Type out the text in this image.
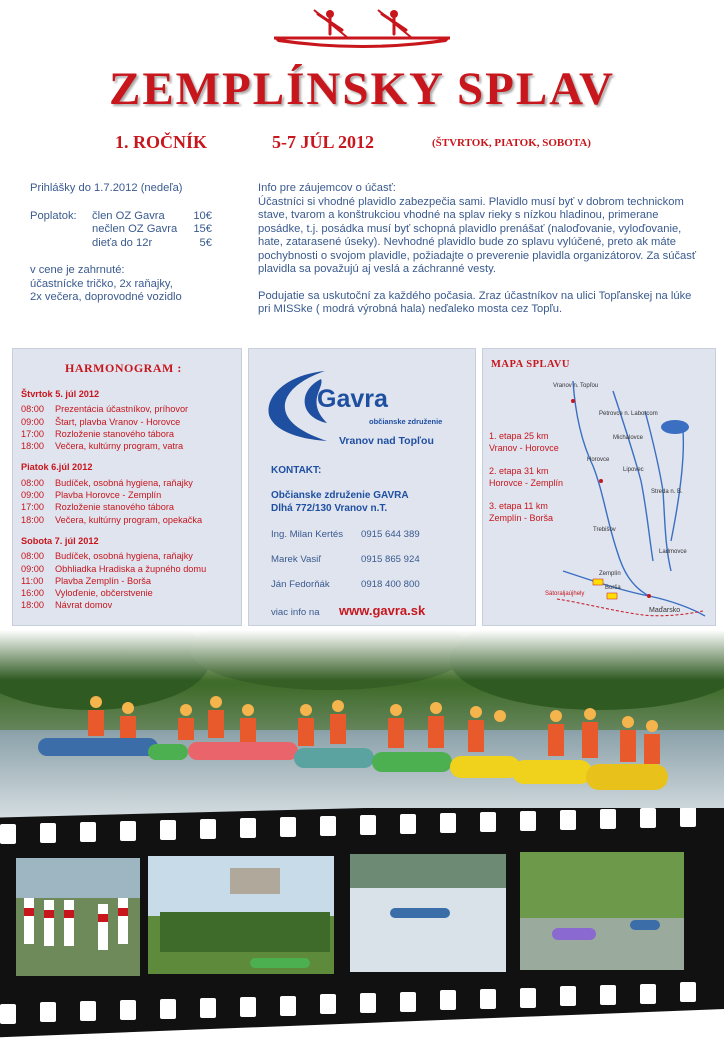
ZEMPLÍNSKY SPLAV
1. ROČNÍK	5-7 JÚL 2012	(ŠTVRTOK, PIATOK, SOBOTA)
Prihlášky do 1.7.2012 (nedeľa)
Poplatok:	člen OZ Gavra	10€
nečlen OZ Gavra	15€
dieťa do 12r	5€
v cene je zahrnuté:
účastnícke tričko, 2x raňajky,
2x večera, doprovodné vozidlo
Info pre záujemcov o účasť:
Účastníci si vhodné plavidlo zabezpečia sami. Plavidlo musí byť v dobrom technickom stave, tvarom a konštrukciou vhodné na splav rieky s nízkou hladinou, primerane posádke, t.j. posádka musí byť schopná plavidlo prenášať (naloďovanie, vyloďovanie, hate, zatarasené úseky). Nevhodné plavidlo bude zo splavu vylúčené, preto ak máte pochybnosti o svojom plavidle, požiadajte o preverenie plavidla organizátorov. Za súčasť plavidla sa považujú aj veslá a záchranné vesty.
Podujatie sa uskutoční za každého počasia. Zraz účastníkov na ulici Topľanskej na lúke pri MISSke ( modrá výrobná hala) neďaleko mosta cez Topľu.
HARMONOGRAM :
Štvrtok 5. júl 2012
08:00	Prezentácia účastníkov, príhovor
09:00	Štart, plavba Vranov - Horovce
17:00	Rozloženie stanového tábora
18:00	Večera, kultúrny program, vatra
Piatok 6.júl 2012
08:00	Budíček, osobná hygiena, raňajky
09:00	Plavba Horovce - Zemplín
17:00	Rozloženie stanového tábora
18:00	Večera, kultúrny program, opekačka
Sobota 7. júl 2012
08:00	Budíček, osobná hygiena, raňajky
09:00	Obhliadka Hradiska a župného domu
11:00	Plavba Zemplín - Borša
16:00	Vyloďenie, občerstvenie
18:00	Návrat domov
Gavra
občianske združenie
Vranov nad Topľou
KONTAKT:
Občianske združenie GAVRA
Dlhá 772/130 Vranov n.T.
Ing. Milan Kertés	0915 644 389
Marek Vasiľ	0915 865 924
Ján Fedorňák	0918 400 800
viac info na www.gavra.sk
MAPA SPLAVU
Vranov n. Topľou
Petrovce n. Laborcom
Michalovce
Horovce
Lipovec
Trebišov
Streda n. B.
Ladmovce
Zemplín
Borša
Sátoraljaújhely
Maďarsko
1. etapa 25 km
Vranov - Horovce
2. etapa 31 km
Horovce - Zemplín
3. etapa 11 km
Zemplín - Borša
